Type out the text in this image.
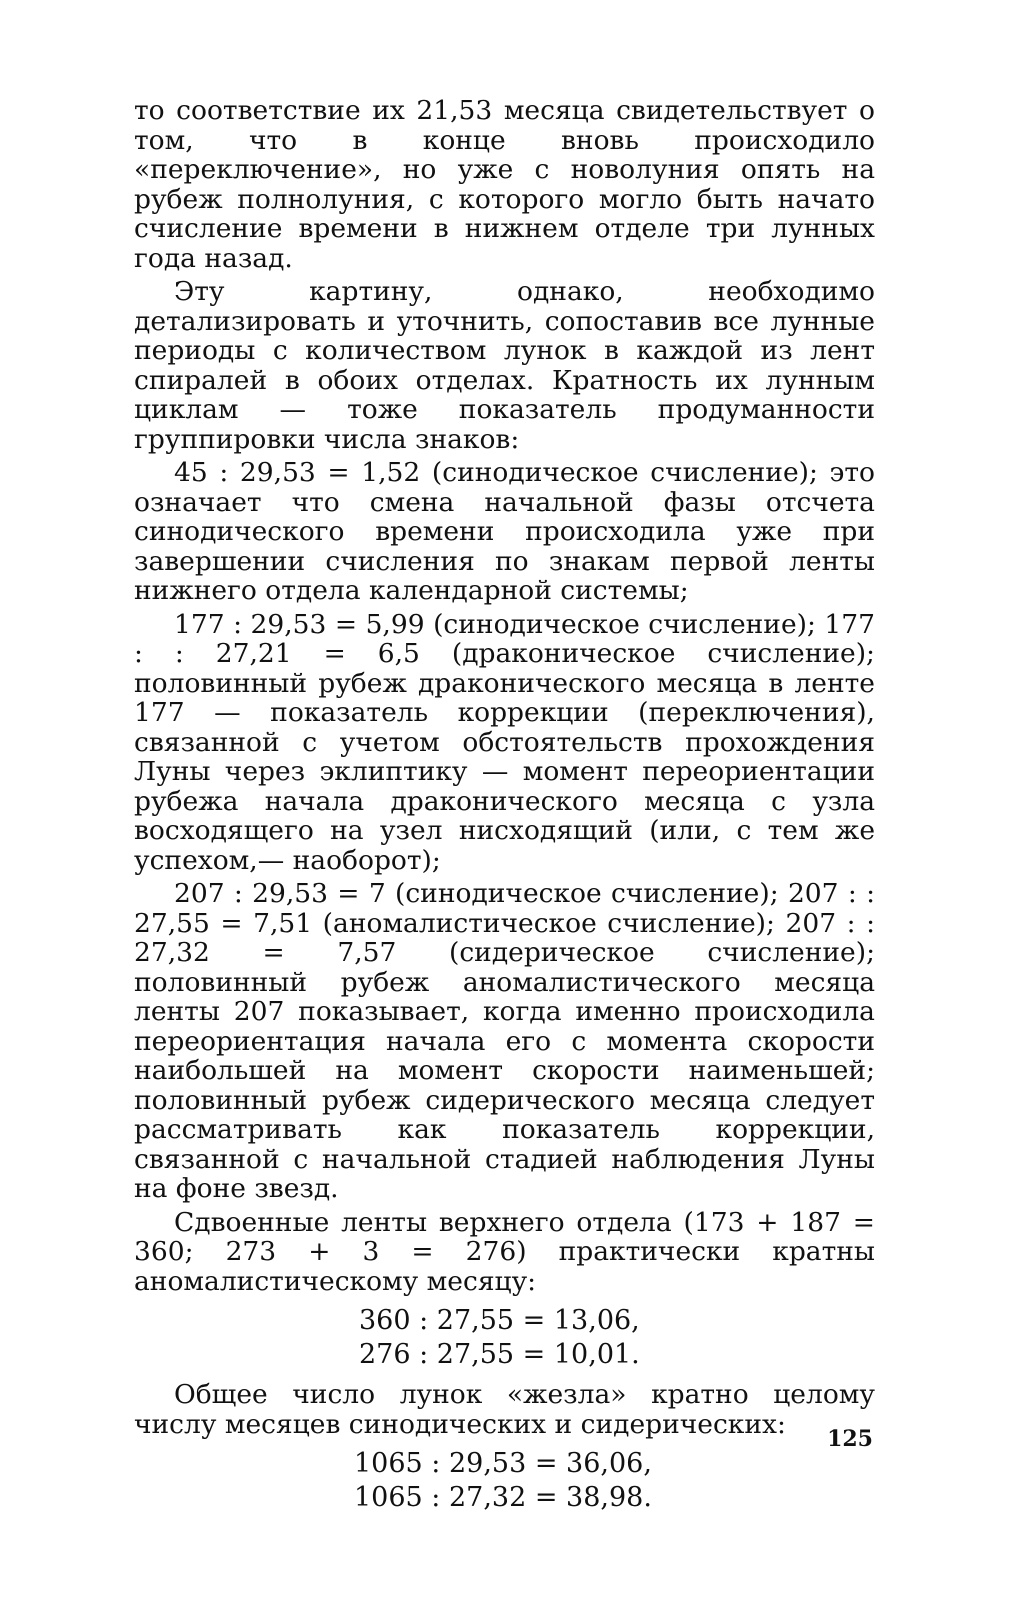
то соответствие их 21,53 месяца свидетельствует о том, что в конце вновь происходило «переключение», но уже с новолуния опять на рубеж полнолуния, с которого могло быть начато счисление времени в нижнем отделе три лунных года назад.

Эту картину, однако, необходимо детализировать и уточнить, сопоставив все лунные периоды с количеством лунок в каждой из лент спиралей в обоих отделах. Кратность их лунным циклам — тоже показатель продуманности группировки числа знаков:

45 : 29,53 = 1,52 (синодическое счисление); это означает что смена начальной фазы отсчета синодического времени происходила уже при завершении счисления по знакам первой ленты нижнего отдела календарной системы;

177 : 29,53 = 5,99 (синодическое счисление); 177 : : 27,21 = 6,5 (драконическое счисление); половинный рубеж драконического месяца в ленте 177 — показатель коррекции (переключения), связанной с учетом обстоятельств прохождения Луны через эклиптику — момент переориентации рубежа начала драконического месяца с узла восходящего на узел нисходящий (или, с тем же успехом,— наоборот);

207 : 29,53 = 7 (синодическое счисление); 207 : : 27,55 = 7,51 (аномалистическое счисление); 207 : : 27,32 = 7,57 (сидерическое счисление); половинный рубеж аномалистического месяца ленты 207 показывает, когда именно происходила переориентация начала его с момента скорости наибольшей на момент скорости наименьшей; половинный рубеж сидерического месяца следует рассматривать как показатель коррекции, связанной с начальной стадией наблюдения Луны на фоне звезд.

Сдвоенные ленты верхнего отдела (173 + 187 = 360; 273 + 3 = 276) практически кратны аномалистическому месяцу:

360 : 27,55 = 13,06,
276 : 27,55 = 10,01.

Общее число лунок «жезла» кратно целому числу месяцев синодических и сидерических:

1065 : 29,53 = 36,06,
1065 : 27,32 = 38,98.
125
